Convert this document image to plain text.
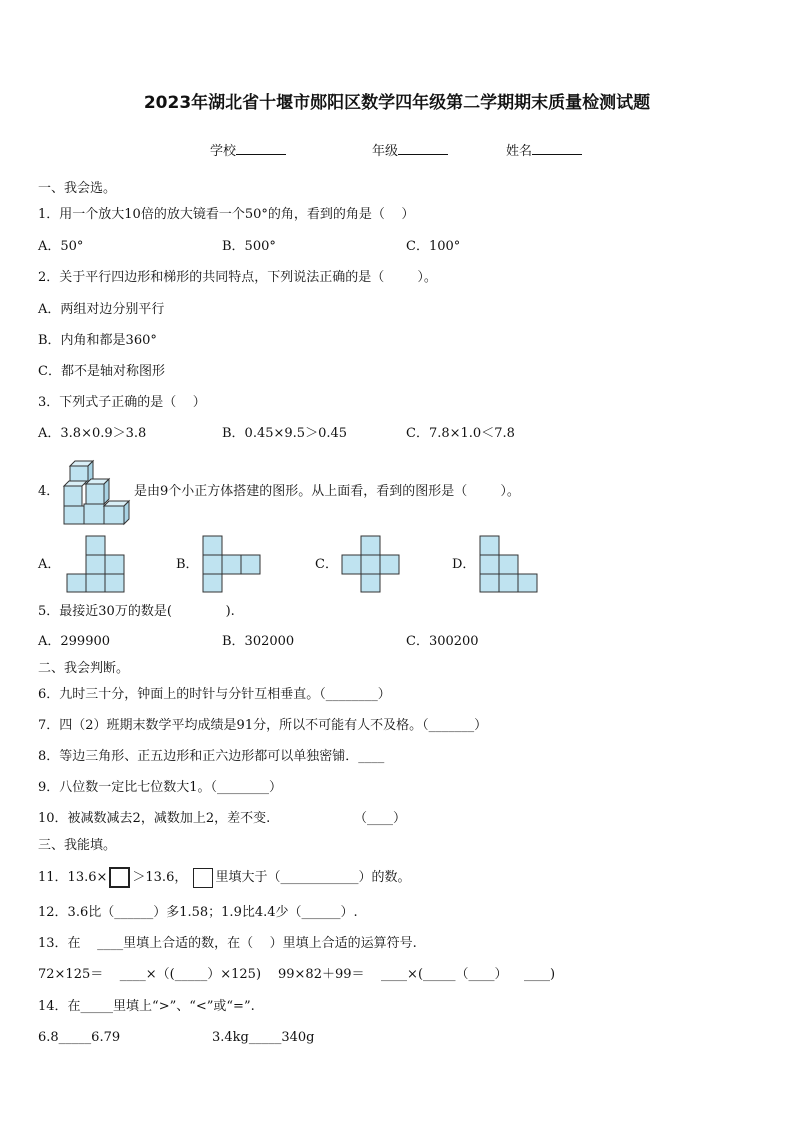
2023年湖北省十堰市郧阳区数学四年级第二学期期末质量检测试题
学校	年级	姓名
一、我会选。
1．用一个放大10倍的放大镜看一个50°的角，看到的角是（    ）
A．50°	B．500°	C．100°
2．关于平行四边形和梯形的共同特点，下列说法正确的是（        ）。
A．两组对边分别平行
B．内角和都是360°
C．都不是轴对称图形
3．下列式子正确的是（    ）
A．3.8×0.9＞3.8	B．0.45×9.5＞0.45	C．7.8×1.0＜7.8
4．	是由9个小正方体搭建的图形。从上面看，看到的图形是（        ）。
A．	B．	C．	D．
5．最接近30万的数是(             ).
A．299900	B．302000	C．300200
二、我会判断。
6．九时三十分，钟面上的时针与分针互相垂直。（________）
7．四（2）班期末数学平均成绩是91分，所以不可能有人不及格。（_______）
8．等边三角形、正五边形和正六边形都可以单独密铺．____
9．八位数一定比七位数大1。（________）
10．被减数减去2，减数加上2，差不变.	（____）
三、我能填。
11．13.6× ＞13.6， 里填大于（____________）的数。
12．3.6比（______）多1.58；1.9比4.4少（______）.
13．在    ____里填上合适的数，在（    ）里填上合适的运算符号.
72×125＝    ____×（(_____）×125) 99×82＋99＝    ____×(_____（____）    ____)
14．在_____里填上“>”、“<”或“=”.
6.8_____6.79	3.4kg_____340g
